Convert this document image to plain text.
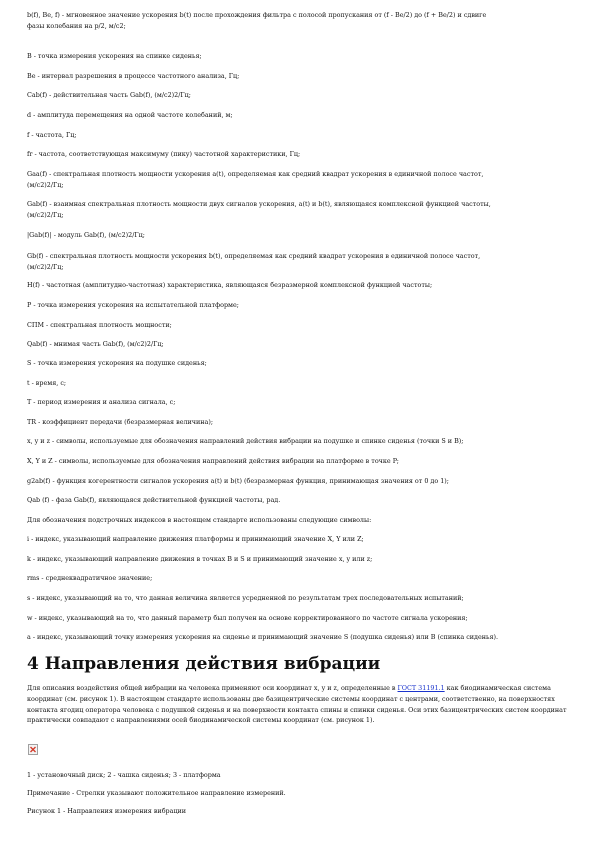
b(f), Be, f) - мгновенное значение ускорения b(t) после прохождения фильтра с полосой пропускания от (f - Be/2) до (f + Be/2) и сдвиге
фазы колебания на p/2, м/с2;
B - точка измерения ускорения на спинке сиденья;
Be - интервал разрешения в процессе частотного анализа, Гц;
Cab(f) - действительная часть Gab(f), (м/c2)2/Гц;
d - амплитуда перемещения на одной частоте колебаний, м;
f - частота, Гц;
fr - частота, соответствующая максимуму (пику) частотной характеристики, Гц;
Gaa(f) - спектральная плотность мощности ускорения a(t), определяемая как средний квадрат ускорения в единичной полосе частот,
(м/с2)2/Гц;
Gab(f) - взаимная спектральная плотность мощности двух сигналов ускорения, a(t) и b(t), являющаяся комплексной функцией частоты,
(м/c2)2/Гц;
|Gab(f)| - модуль Gab(f), (м/c2)2/Гц;
Gb(f) - спектральная плотность мощности ускорения b(t), определяемая как средний квадрат ускорения в единичной полосе частот,
(м/с2)2/Гц;
H(f) - частотная (амплитудно-частотная) характеристика, являющаяся безразмерной комплексной функцией частоты;
P - точка измерения ускорения на испытательной платформе;
СПМ - спектральная плотность мощности;
Qab(f) - мнимая часть Gab(f), (м/c2)2/Гц;
S - точка измерения ускорения на подушке сиденья;
t - время, с;
T - период измерения и анализа сигнала, с;
TR - коэффициент передачи (безразмерная величина);
x, y и z - символы, используемые для обозначения направлений действия вибрации на подушке и спинке сиденья (точки S и B);
X, Y и Z - символы, используемые для обозначения направлений действия вибрации на платформе в точке P;
g2ab(f) - функция когерентности сигналов ускорения a(t) и b(t) (безразмерная функция, принимающая значения от 0 до 1);
Qab (f) - фаза Gab(f), являющаяся действительной функцией частоты, рад.
Для обозначения подстрочных индексов в настоящем стандарте использованы следующие символы:
i - индекс, указывающий направление движения платформы и принимающий значение X, Y или Z;
k - индекс, указывающий направление движения в точках B и S и принимающий значение x, y или z;
rms - среднеквадратичное значение;
s - индекс, указывающий на то, что данная величина является усредненной по результатам трех последовательных испытаний;
w - индекс, указывающий на то, что данный параметр был получен на основе корректированного по частоте сигнала ускорения;
a - индекс, указывающий точку измерения ускорения на сиденье и принимающий значение S (подушка сиденья) или B (спинка сиденья).
4 Направления действия вибрации
Для описания воздействия общей вибрации на человека применяют оси координат x, y и z, определенные в ГОСТ 31191.1 как биодинамическая система координат (см. рисунок 1). В настоящем стандарте использованы две базицентрические системы координат с центрами, соответственно, на поверхностях контакта ягодиц оператора человека с подушкой сиденья и на поверхности контакта спины и спинки сиденья. Оси этих базицентрических систем координат практически совпадают с направлениями осей биодинамической системы координат (см. рисунок 1).
1 - установочный диск; 2 - чашка сиденья; 3 - платформа
Примечание - Стрелки указывают положительное направление измерений.
Рисунок 1 - Направления измерения вибрации
